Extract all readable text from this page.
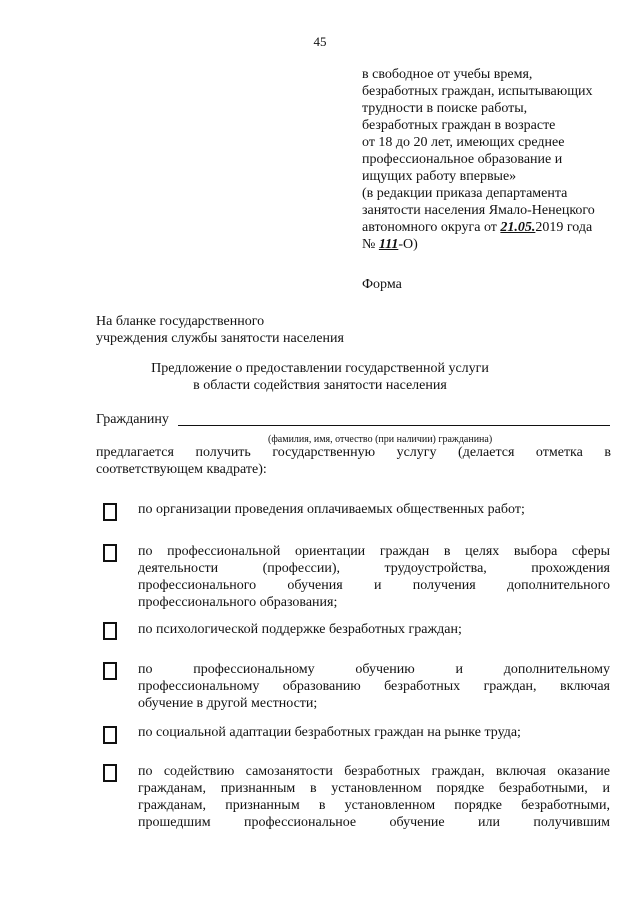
45
в свободное от учебы время,
безработных граждан, испытывающих
трудности в поиске работы,
безработных граждан в возрасте
от 18 до 20 лет, имеющих среднее
профессиональное образование и
ищущих работу впервые»
(в редакции приказа департамента
занятости населения Ямало-Ненецкого
автономного округа от 21.05.2019 года
№ 111-О)
Форма
На бланке государственного
учреждения службы занятости населения
Предложение о предоставлении государственной услуги
в области содействия занятости населения
Гражданину
(фамилия, имя, отчество (при наличии) гражданина)
предлагается получить государственную услугу (делается отметка в
соответствующем квадрате):
по организации проведения оплачиваемых общественных работ;
по профессиональной ориентации граждан в целях выбора сферы
деятельности (профессии), трудоустройства, прохождения
профессионального обучения и получения дополнительного
профессионального образования;
по психологической поддержке безработных граждан;
по профессиональному обучению и дополнительному
профессиональному образованию безработных граждан, включая
обучение в другой местности;
по социальной адаптации безработных граждан на рынке труда;
по содействию самозанятости безработных граждан, включая оказание
гражданам, признанным в установленном порядке безработными, и
гражданам, признанным в установленном порядке безработными,
прошедшим профессиональное обучение или получившим
